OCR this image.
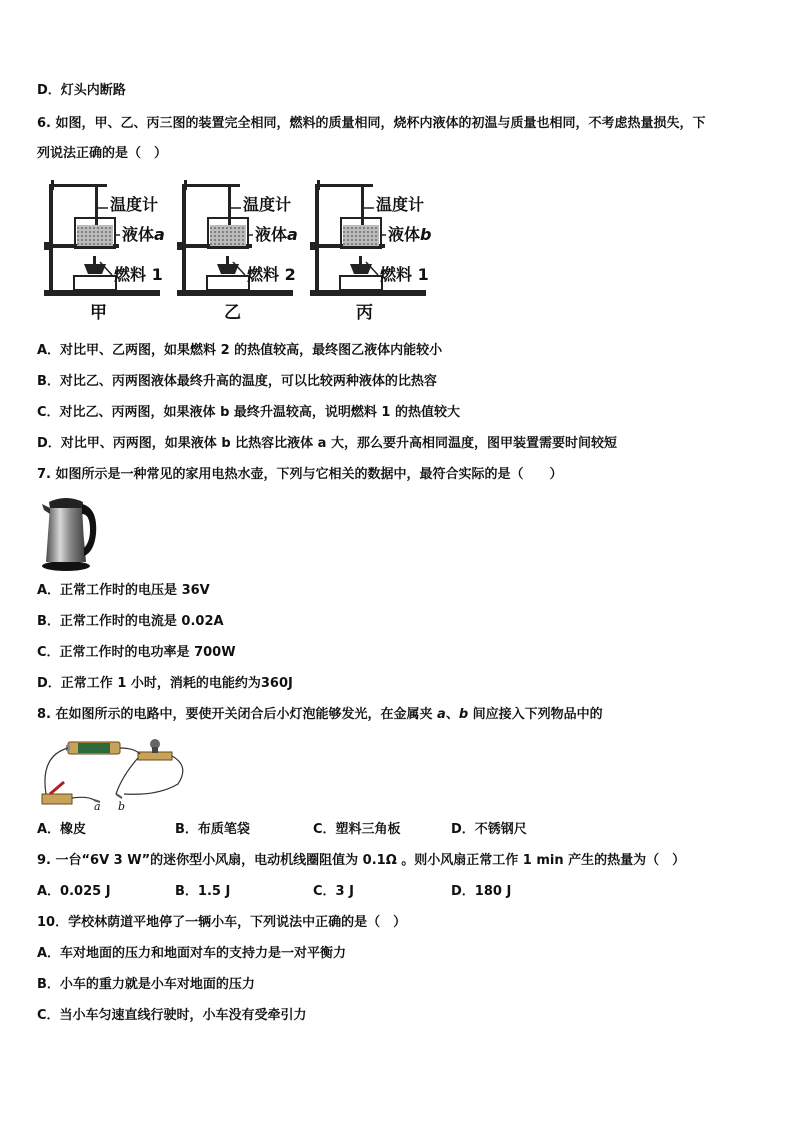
D．灯头内断路
6. 如图，甲、乙、丙三图的装置完全相同，燃料的质量相同，烧杯内液体的初温与质量也相同，不考虑热量损失，下
列说法正确的是（　）
温度计
液体a
燃料 1
甲
温度计
液体a
燃料 2
乙
温度计
液体b
燃料 1
丙
A．对比甲、乙两图，如果燃料 2 的热值较高，最终图乙液体内能较小
B．对比乙、丙两图液体最终升高的温度，可以比较两种液体的比热容
C．对比乙、丙两图，如果液体 b 最终升温较高，说明燃料 1 的热值较大
D．对比甲、丙两图，如果液体 b 比热容比液体 a 大，那么要升高相同温度，图甲装置需要时间较短
7. 如图所示是一种常见的家用电热水壶，下列与它相关的数据中，最符合实际的是（　　）
A．正常工作时的电压是 36V
B．正常工作时的电流是 0.02A
C．正常工作时的电功率是 700W
D．正常工作 1 小时，消耗的电能约为360J
8. 在如图所示的电路中，要使开关闭合后小灯泡能够发光，在金属夹 a、b 间应接入下列物品中的
a b
A．橡皮	B．布质笔袋	C．塑料三角板	D．不锈钢尺
9. 一台“6V 3 W”的迷你型小风扇，电动机线圈阻值为 0.1Ω 。则小风扇正常工作 1 min 产生的热量为（　）
A．0.025 J	B．1.5 J	C．3 J	D．180 J
10．学校林荫道平地停了一辆小车，下列说法中正确的是（　）
A．车对地面的压力和地面对车的支持力是一对平衡力
B．小车的重力就是小车对地面的压力
C．当小车匀速直线行驶时，小车没有受牵引力
